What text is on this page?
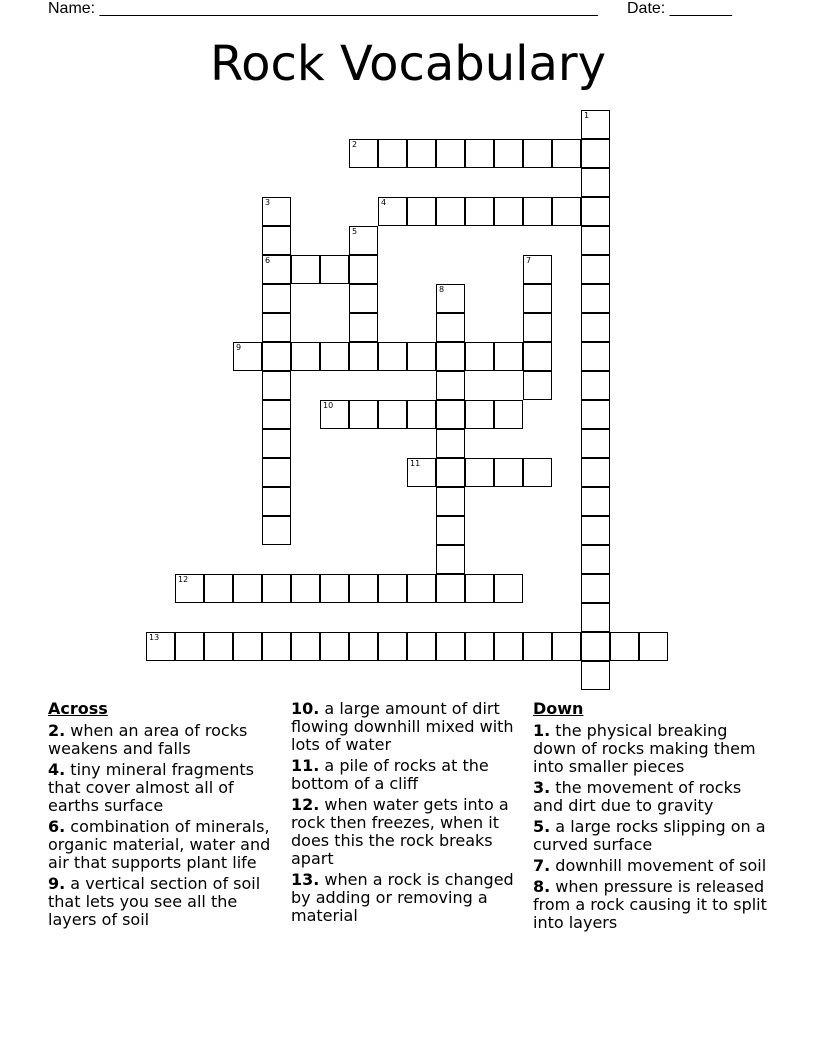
Name: ________________________________________________________ Date: _______
Rock Vocabulary
1
2
3
6
4
5
7
8
9
10
11
12
13
Across
2. when an area of rocks weakens and falls
4. tiny mineral fragments that cover almost all of earths surface
6. combination of minerals, organic material, water and air that supports plant life
9. a vertical section of soil that lets you see all the layers of soil
10. a large amount of dirt flowing downhill mixed with lots of water
11. a pile of rocks at the bottom of a cliff
12. when water gets into a rock then freezes, when it does this the rock breaks apart
13. when a rock is changed by adding or removing a material
Down
1. the physical breaking down of rocks making them into smaller pieces
3. the movement of rocks and dirt due to gravity
5. a large rocks slipping on a curved surface
7. downhill movement of soil
8. when pressure is released from a rock causing it to split into layers
